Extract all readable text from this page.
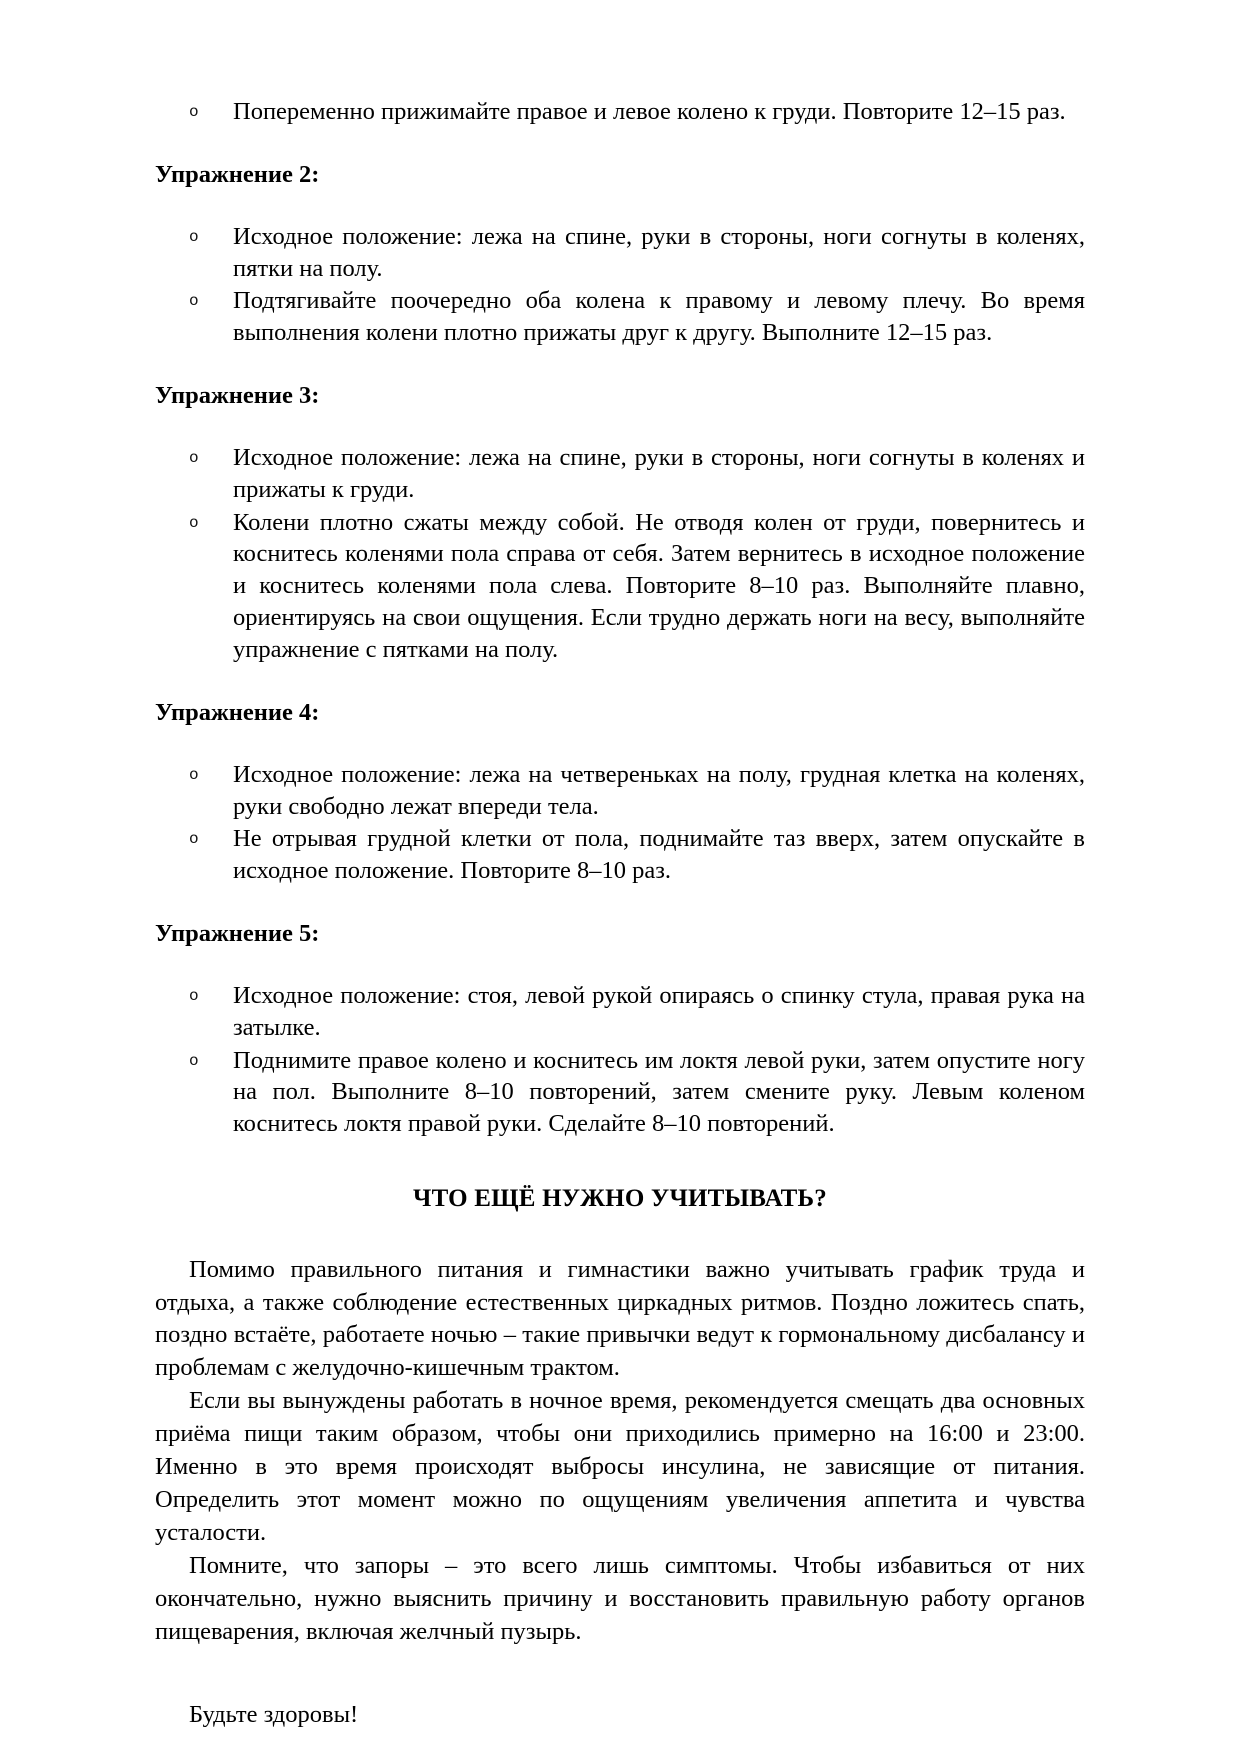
o Попеременно прижимайте правое и левое колено к груди. Повторите 12–15 раз.
Упражнение 2:
o Исходное положение: лежа на спине, руки в стороны, ноги согнуты в коленях, пятки на полу.
o Подтягивайте поочередно оба колена к правому и левому плечу. Во время выполнения колени плотно прижаты друг к другу. Выполните 12–15 раз.
Упражнение 3:
o Исходное положение: лежа на спине, руки в стороны, ноги согнуты в коленях и прижаты к груди.
o Колени плотно сжаты между собой. Не отводя колен от груди, повернитесь и коснитесь коленями пола справа от себя. Затем вернитесь в исходное положение и коснитесь коленями пола слева. Повторите 8–10 раз. Выполняйте плавно, ориентируясь на свои ощущения. Если трудно держать ноги на весу, выполняйте упражнение с пятками на полу.
Упражнение 4:
o Исходное положение: лежа на четвереньках на полу, грудная клетка на коленях, руки свободно лежат впереди тела.
o Не отрывая грудной клетки от пола, поднимайте таз вверх, затем опускайте в исходное положение. Повторите 8–10 раз.
Упражнение 5:
o Исходное положение: стоя, левой рукой опираясь о спинку стула, правая рука на затылке.
o Поднимите правое колено и коснитесь им локтя левой руки, затем опустите ногу на пол. Выполните 8–10 повторений, затем смените руку. Левым коленом коснитесь локтя правой руки. Сделайте 8–10 повторений.
ЧТО ЕЩЁ НУЖНО УЧИТЫВАТЬ?

Помимо правильного питания и гимнастики важно учитывать график труда и отдыха, а также соблюдение естественных циркадных ритмов. Поздно ложитесь спать, поздно встаёте, работаете ночью – такие привычки ведут к гормональному дисбалансу и проблемам с желудочно-кишечным трактом.

Если вы вынуждены работать в ночное время, рекомендуется смещать два основных приёма пищи таким образом, чтобы они приходились примерно на 16:00 и 23:00. Именно в это время происходят выбросы инсулина, не зависящие от питания. Определить этот момент можно по ощущениям увеличения аппетита и чувства усталости.

Помните, что запоры – это всего лишь симптомы. Чтобы избавиться от них окончательно, нужно выяснить причину и восстановить правильную работу органов пищеварения, включая желчный пузырь.

Будьте здоровы!
